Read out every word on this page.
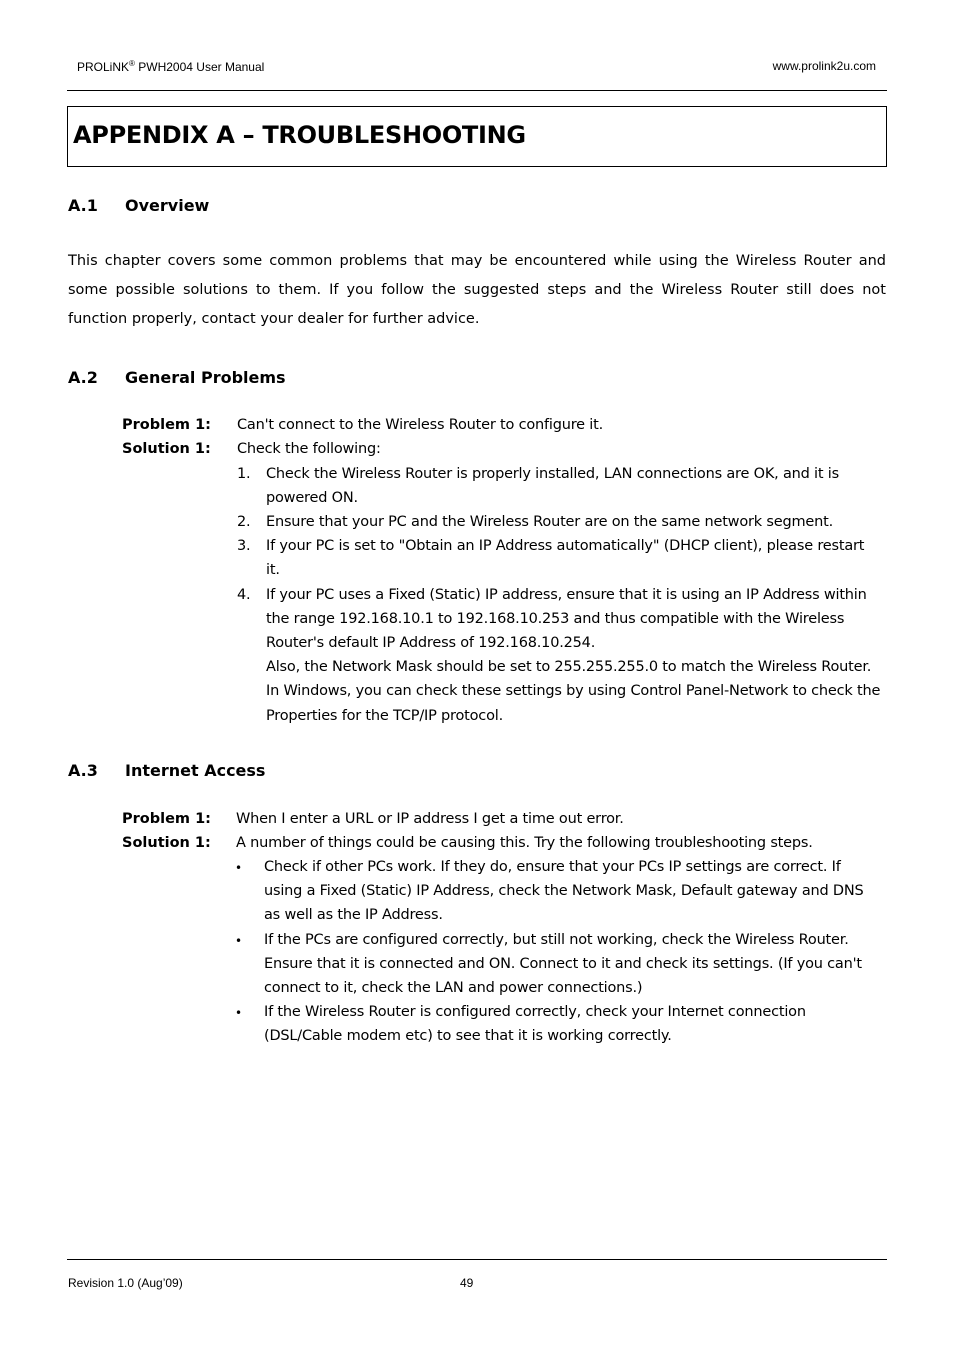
PROLiNK® PWH2004 User Manual	www.prolink2u.com
APPENDIX A – TROUBLESHOOTING
A.1 Overview
This chapter covers some common problems that may be encountered while using the Wireless Router and some possible solutions to them. If you follow the suggested steps and the Wireless Router still does not function properly, contact your dealer for further advice.
A.2 General Problems
Problem 1: Can't connect to the Wireless Router to configure it.
Solution 1: Check the following:
1. Check the Wireless Router is properly installed, LAN connections are OK, and it is
powered ON.
2. Ensure that your PC and the Wireless Router are on the same network segment.
3. If your PC is set to "Obtain an IP Address automatically" (DHCP client), please restart
it.
4. If your PC uses a Fixed (Static) IP address, ensure that it is using an IP Address within
the range 192.168.10.1 to 192.168.10.253 and thus compatible with the Wireless
Router's default IP Address of 192.168.10.254.
Also, the Network Mask should be set to 255.255.255.0 to match the Wireless Router.
In Windows, you can check these settings by using Control Panel-Network to check the
Properties for the TCP/IP protocol.
A.3 Internet Access
Problem 1: When I enter a URL or IP address I get a time out error.
Solution 1: A number of things could be causing this. Try the following troubleshooting steps.
• Check if other PCs work. If they do, ensure that your PCs IP settings are correct. If
using a Fixed (Static) IP Address, check the Network Mask, Default gateway and DNS
as well as the IP Address.
• If the PCs are configured correctly, but still not working, check the Wireless Router.
Ensure that it is connected and ON. Connect to it and check its settings. (If you can't
connect to it, check the LAN and power connections.)
• If the Wireless Router is configured correctly, check your Internet connection
(DSL/Cable modem etc) to see that it is working correctly.
Revision 1.0 (Aug’09)	49
